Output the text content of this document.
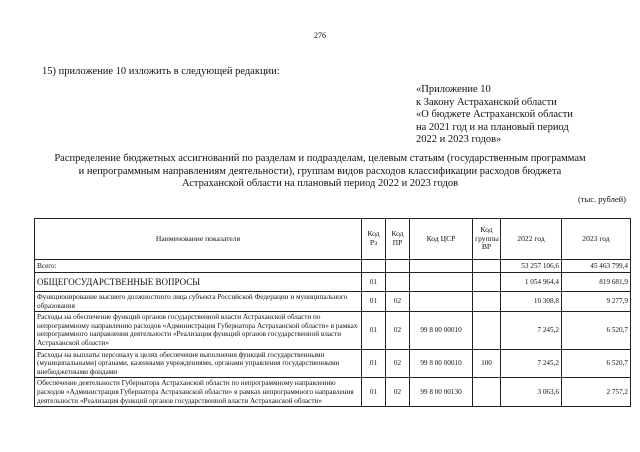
276
15) приложение 10 изложить в следующей редакции:
«Приложение 10
к Закону Астраханской области
«О бюджете Астраханской области
на 2021 год и на плановый период
2022 и 2023 годов»
Распределение бюджетных ассигнований по разделам и подразделам, целевым статьям (государственным программам
и непрограммным направлениям деятельности), группам видов расходов классификации расходов бюджета
Астраханской области на плановый период 2022 и 2023 годов
(тыс. рублей)
Наименование показателя	Код Рз	Код ПР	Код ЦСР	Код группы ВР	2022 год	2023 год
Всего:					53 257 106,6	45 463 799,4
ОБЩЕГОСУДАРСТВЕННЫЕ ВОПРОСЫ	01				1 054 964,4	819 681,9
Функционирование высшего должностного лица субъекта Российской Федерации и муниципального образования	01	02			10 308,8	9 277,9
Расходы на обеспечение функций органов государственной власти Астраханской области по непрограммному направлению расходов «Администрация Губернатора Астраханской области» в рамках непрограммного направления деятельности «Реализация функций органов государственной власти Астраханской области»	01	02	99 8 00 00010		7 245,2	6 520,7
Расходы на выплаты персоналу в целях обеспечения выполнения функций государственными (муниципальными) органами, казенными учреждениями, органами управления государственными внебюджетными фондами	01	02	99 8 00 00010	100	7 245,2	6 520,7
Обеспечение деятельности Губернатора Астраханской области по непрограммному направлению расходов «Администрация Губернатора Астраханской области» в рамках непрограммного направления деятельности «Реализация функций органов государственной власти Астраханской области»	01	02	99 8 00 00130		3 063,6	2 757,2
